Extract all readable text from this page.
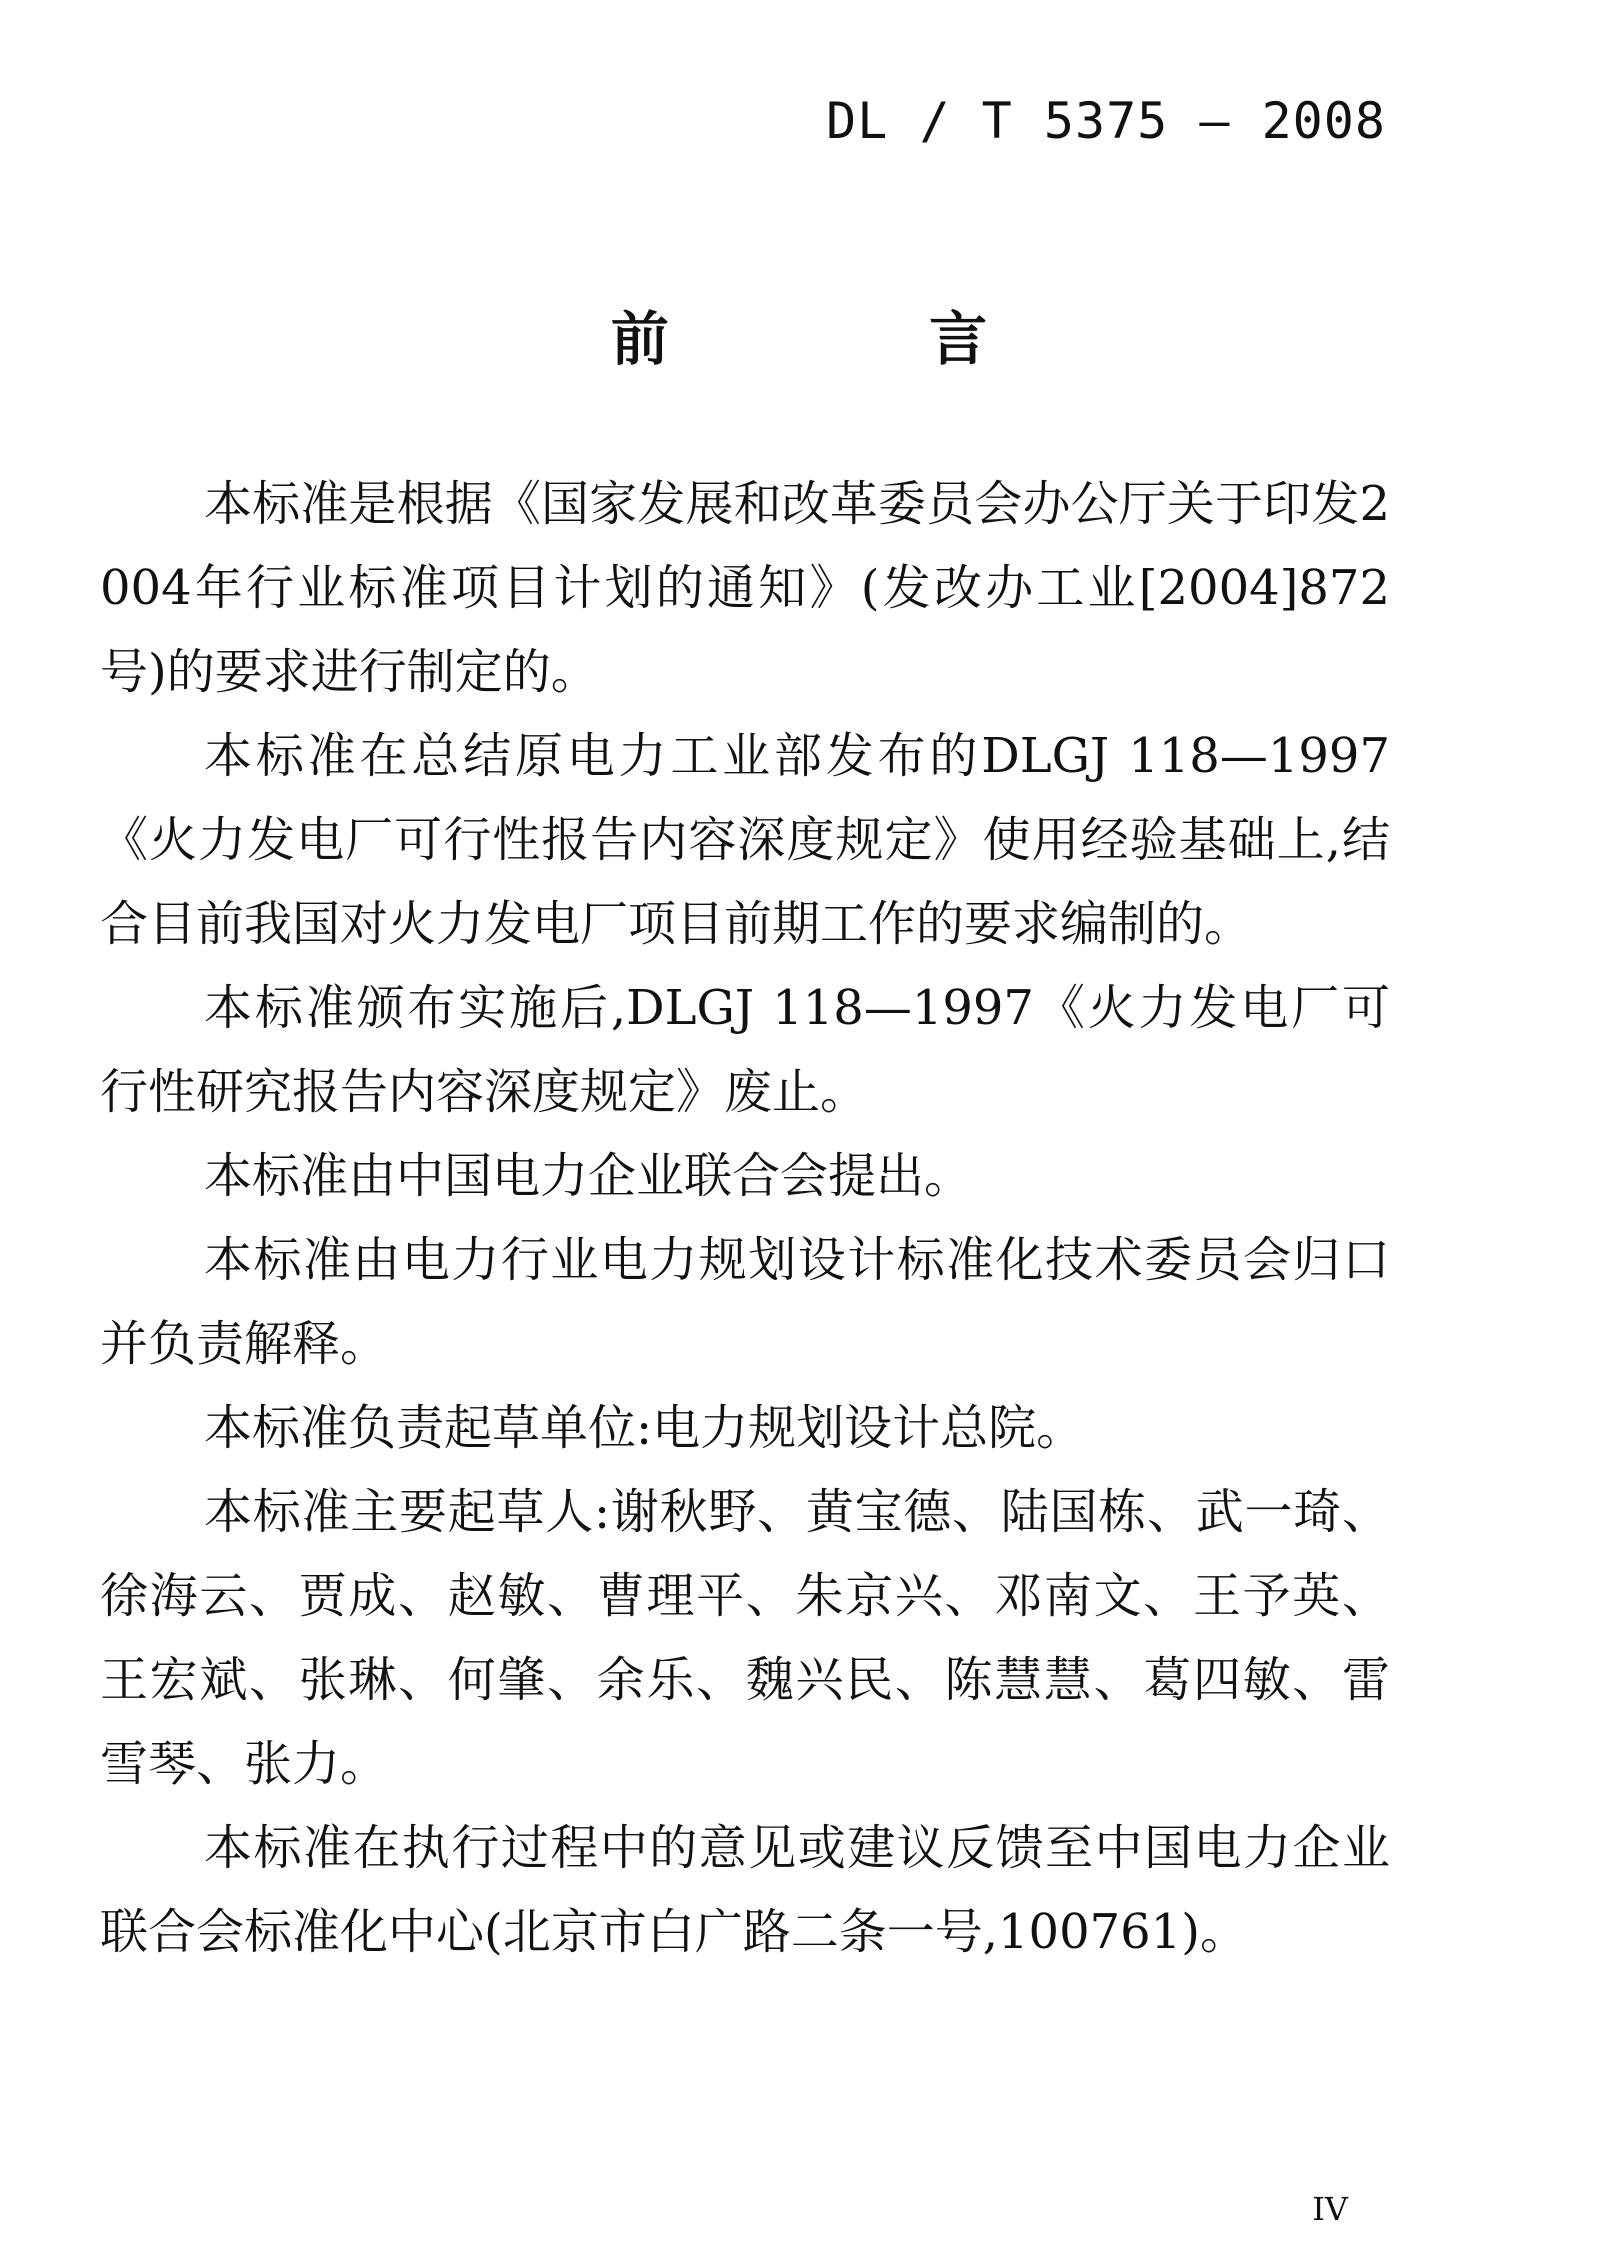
DL / T 5375 — 2008
前 言

本标准是根据《国家发展和改革委员会办公厅关于印发2004年行业标准项目计划的通知》(发改办工业[2004]872号)的要求进行制定的。

本标准在总结原电力工业部发布的DLGJ 118—1997《火力发电厂可行性报告内容深度规定》使用经验基础上,结合目前我国对火力发电厂项目前期工作的要求编制的。

本标准颁布实施后,DLGJ 118—1997《火力发电厂可行性研究报告内容深度规定》废止。

本标准由中国电力企业联合会提出。

本标准由电力行业电力规划设计标准化技术委员会归口并负责解释。

本标准负责起草单位:电力规划设计总院。

本标准主要起草人:谢秋野、黄宝德、陆国栋、武一琦、徐海云、贾成、赵敏、曹理平、朱京兴、邓南文、王予英、王宏斌、张琳、何肇、余乐、魏兴民、陈慧慧、葛四敏、雷雪琴、张力。

本标准在执行过程中的意见或建议反馈至中国电力企业联合会标准化中心(北京市白广路二条一号,100761)。

IV
